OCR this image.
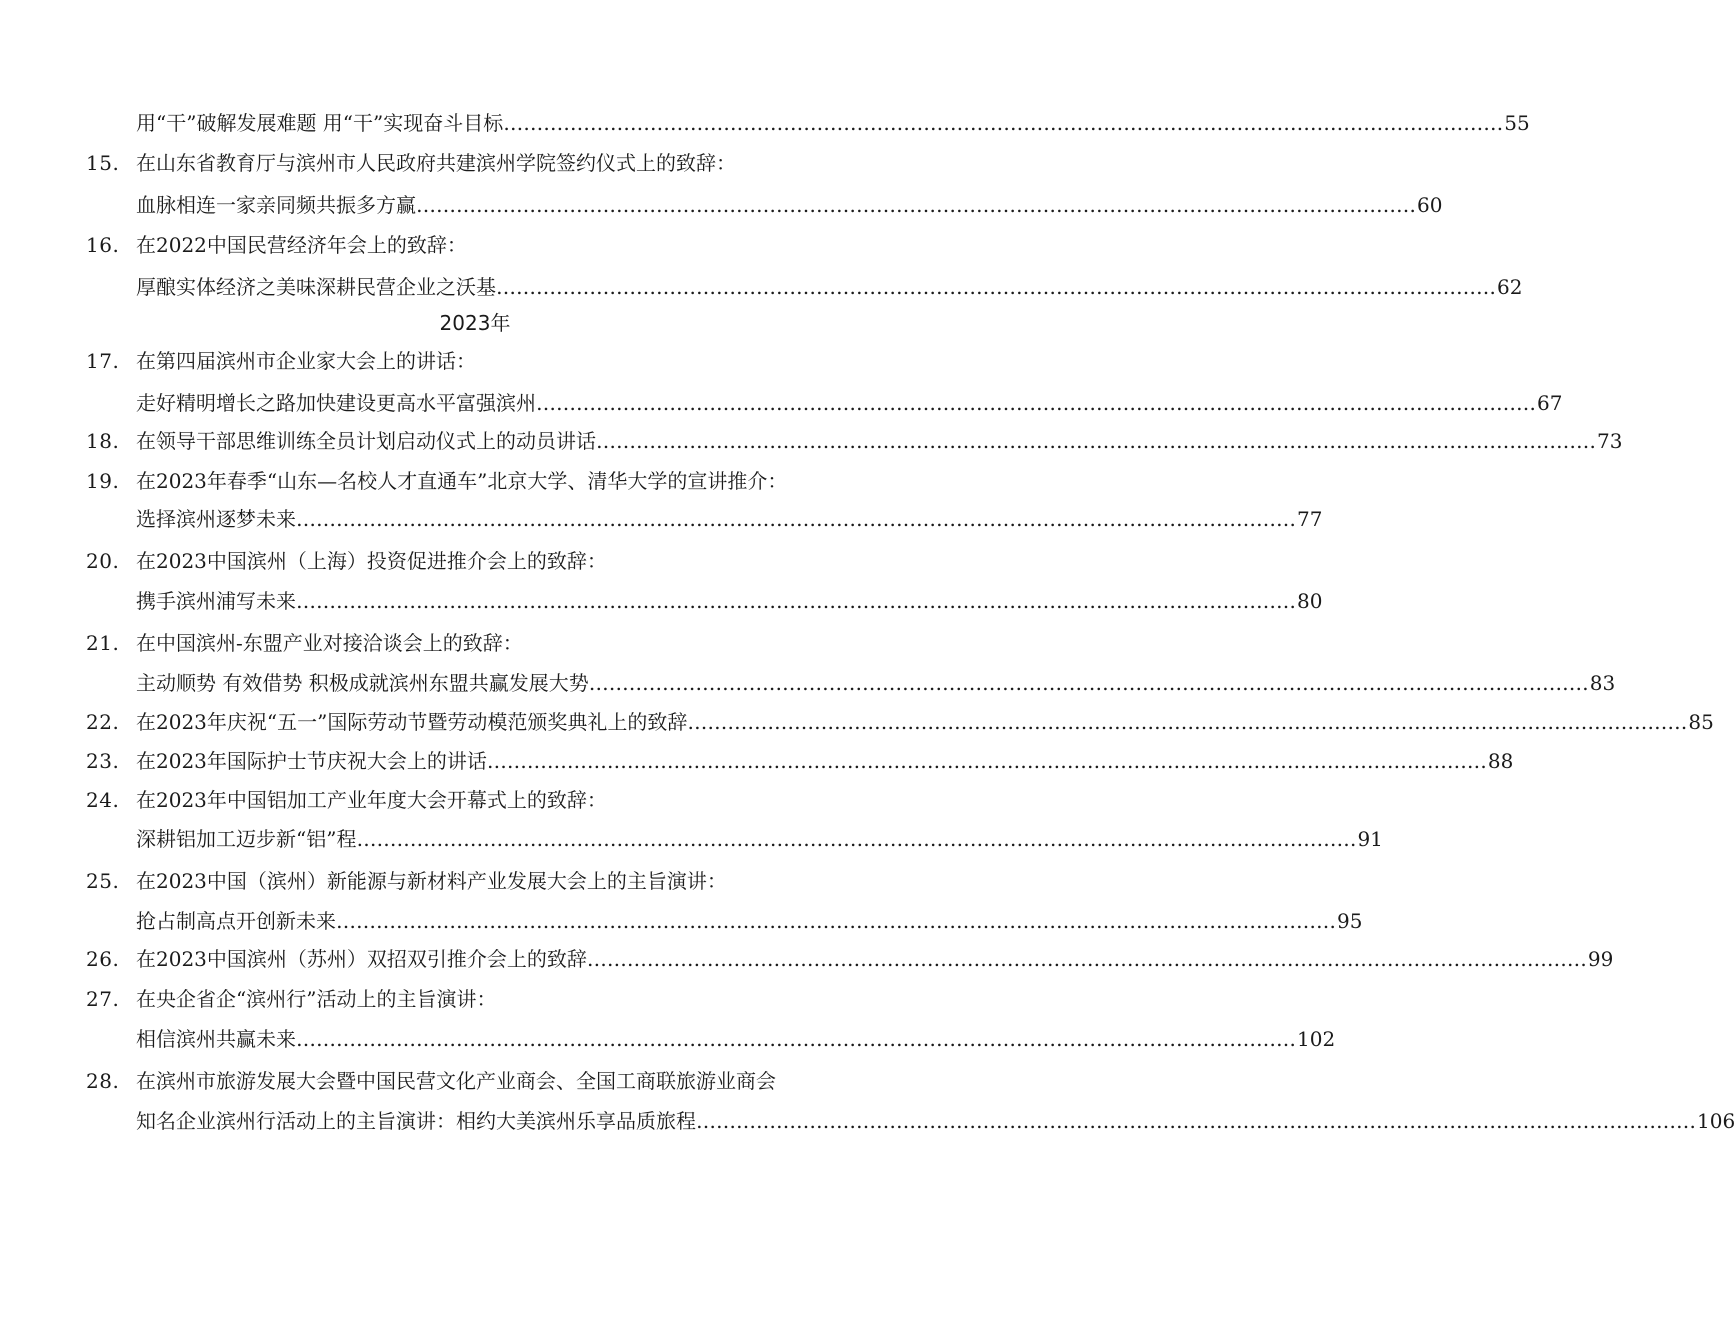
用“干”破解发展难题 用“干”实现奋斗目标 …………………………………………………………………………………………………………………………………… 55
15. 在山东省教育厅与滨州市人民政府共建滨州学院签约仪式上的致辞：
血脉相连一家亲同频共振多方赢 …………………………………………………………………………………………………………………………………… 60
16. 在2022中国民营经济年会上的致辞：
厚酿实体经济之美味深耕民营企业之沃基 …………………………………………………………………………………………………………………………………… 62
2023年
17. 在第四届滨州市企业家大会上的讲话：
走好精明增长之路加快建设更高水平富强滨州 …………………………………………………………………………………………………………………………………… 67
18. 在领导干部思维训练全员计划启动仪式上的动员讲话 …………………………………………………………………………………………………………………………………… 73
19. 在2023年春季“山东—名校人才直通车”北京大学、清华大学的宣讲推介：
选择滨州逐梦未来 …………………………………………………………………………………………………………………………………… 77
20. 在2023中国滨州（上海）投资促进推介会上的致辞：
携手滨州浦写未来 …………………………………………………………………………………………………………………………………… 80
21. 在中国滨州-东盟产业对接洽谈会上的致辞：
主动顺势 有效借势 积极成就滨州东盟共赢发展大势 …………………………………………………………………………………………………………………………………… 83
22. 在2023年庆祝“五一”国际劳动节暨劳动模范颁奖典礼上的致辞 …………………………………………………………………………………………………………………………………… 85
23. 在2023年国际护士节庆祝大会上的讲话 …………………………………………………………………………………………………………………………………… 88
24. 在2023年中国铝加工产业年度大会开幕式上的致辞：
深耕铝加工迈步新“铝”程 …………………………………………………………………………………………………………………………………… 91
25. 在2023中国（滨州）新能源与新材料产业发展大会上的主旨演讲：
抢占制高点开创新未来 …………………………………………………………………………………………………………………………………… 95
26. 在2023中国滨州（苏州）双招双引推介会上的致辞 …………………………………………………………………………………………………………………………………… 99
27. 在央企省企“滨州行”活动上的主旨演讲：
相信滨州共赢未来 …………………………………………………………………………………………………………………………………… 102
28. 在滨州市旅游发展大会暨中国民营文化产业商会、全国工商联旅游业商会
知名企业滨州行活动上的主旨演讲：相约大美滨州乐享品质旅程 …………………………………………………………………………………………………………………………………… 106
